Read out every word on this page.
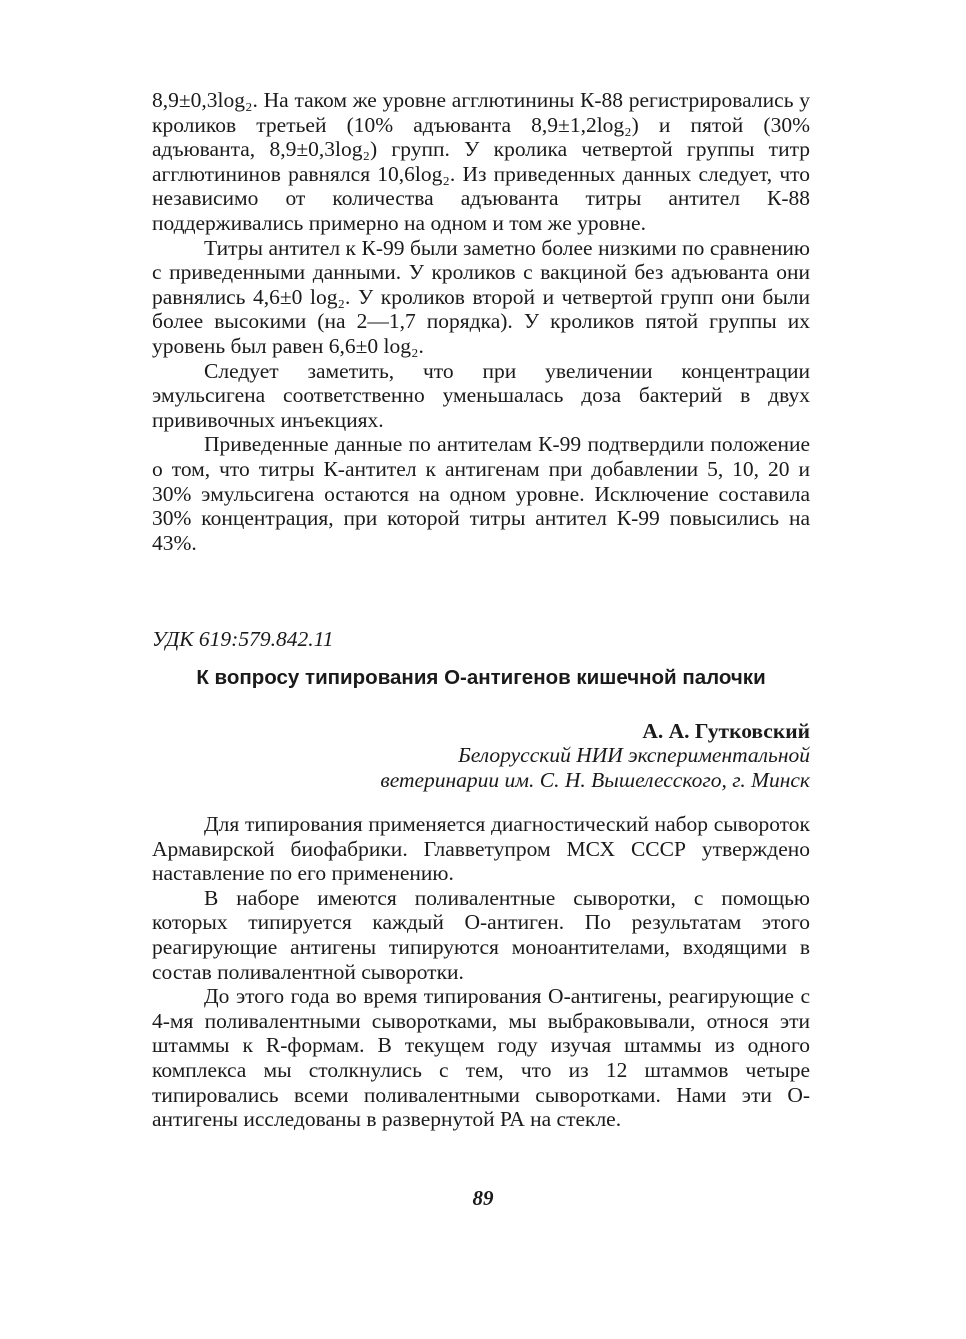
8,9±0,3log₂. На таком же уровне агглютинины К-88 регистрировались у кроликов третьей (10% адъюванта 8,9±1,2log₂) и пятой (30% адъюванта, 8,9±0,3log₂) групп. У кролика четвертой группы титр агглютининов равнялся 10,6log₂. Из приведенных данных следует, что независимо от количества адъюванта титры антител К-88 поддерживались примерно на одном и том же уровне.

Титры антител к К-99 были заметно более низкими по сравнению с приведенными данными. У кроликов с вакциной без адъюванта они равнялись 4,6±0 log₂. У кроликов второй и четвертой групп они были более высокими (на 2—1,7 порядка). У кроликов пятой группы их уровень был равен 6,6±0 log₂.

Следует заметить, что при увеличении концентрации эмульсигена соответственно уменьшалась доза бактерий в двух прививочных инъекциях.

Приведенные данные по антителам К-99 подтвердили положение о том, что титры К-антител к антигенам при добавлении 5, 10, 20 и 30% эмульсигена остаются на одном уровне. Исключение составила 30% концентрация, при которой титры антител К-99 повысились на 43%.

УДК 619:579.842.11
К вопросу типирования О-антигенов кишечной палочки
А. А. Гутковский
Белорусский НИИ экспериментальной
ветеринарии им. С. Н. Вышелесского, г. Минск

Для типирования применяется диагностический набор сывороток Армавирской биофабрики. Главветупром МСХ СССР утверждено наставление по его применению.

В наборе имеются поливалентные сыворотки, с помощью которых типируется каждый О-антиген. По результатам этого реагирующие антигены типируются моноантителами, входящими в состав поливалентной сыворотки.

До этого года во время типирования О-антигены, реагирующие с 4-мя поливалентными сыворотками, мы выбраковывали, относя эти штаммы к R-формам. В текущем году изучая штаммы из одного комплекса мы столкнулись с тем, что из 12 штаммов четыре типировались всеми поливалентными сыворотками. Нами эти О-антигены исследованы в развернутой РА на стекле.

89
